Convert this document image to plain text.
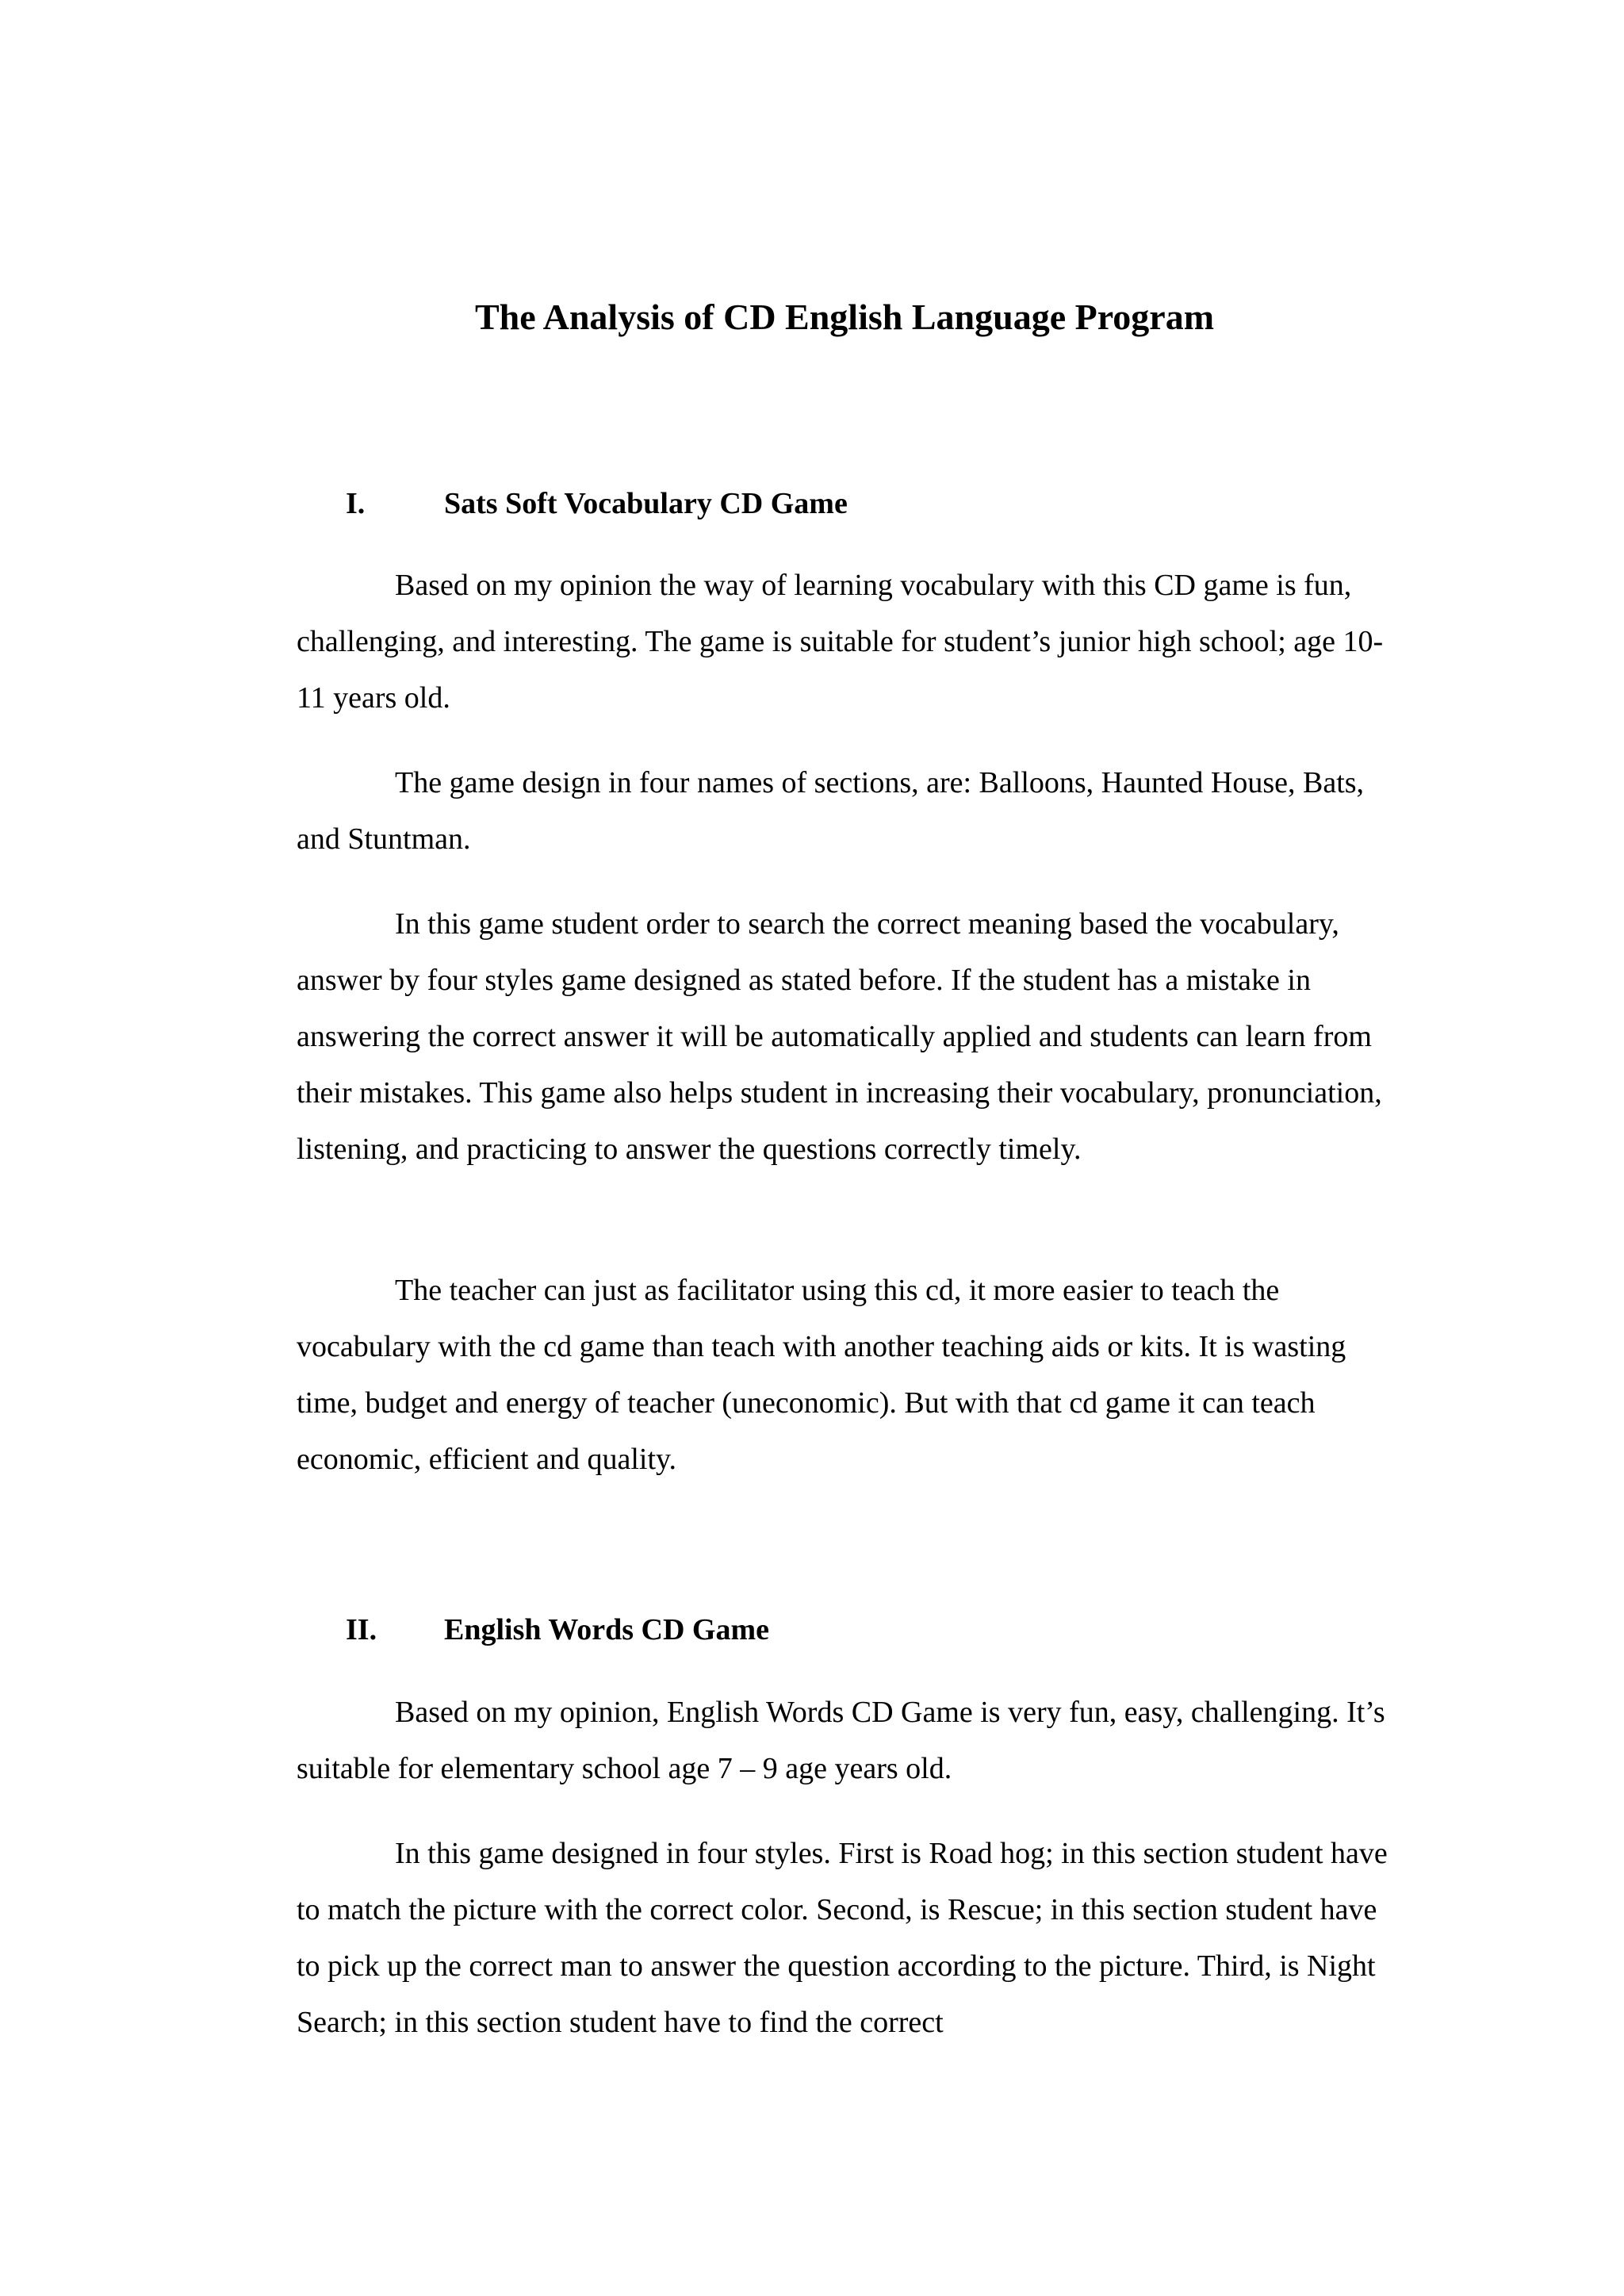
The Analysis of CD English Language Program
I.	Sats Soft Vocabulary CD Game

Based on my opinion the way of learning vocabulary with this CD game is fun, challenging, and interesting. The game is suitable for student’s junior high school; age 10-11 years old.

The game design in four names of sections, are: Balloons, Haunted House, Bats, and Stuntman.

In this game student order to search the correct meaning based the vocabulary, answer by four styles game designed as stated before. If the student has a mistake in answering the correct answer it will be automatically applied and students can learn from their mistakes. This game also helps student in increasing their vocabulary, pronunciation, listening, and practicing to answer the questions correctly timely.

The teacher can just as facilitator using this cd, it more easier to teach the vocabulary with the cd game than teach with another teaching aids or kits. It is wasting time, budget and energy of teacher (uneconomic). But with that cd game it can teach economic, efficient and quality.

II. English Words CD Game

Based on my opinion, English Words CD Game is very fun, easy, challenging. It’s suitable for elementary school age 7 – 9 age years old.

In this game designed in four styles. First is Road hog; in this section student have to match the picture with the correct color. Second, is Rescue; in this section student have to pick up the correct man to answer the question according to the picture. Third, is Night Search; in this section student have to find the correct
